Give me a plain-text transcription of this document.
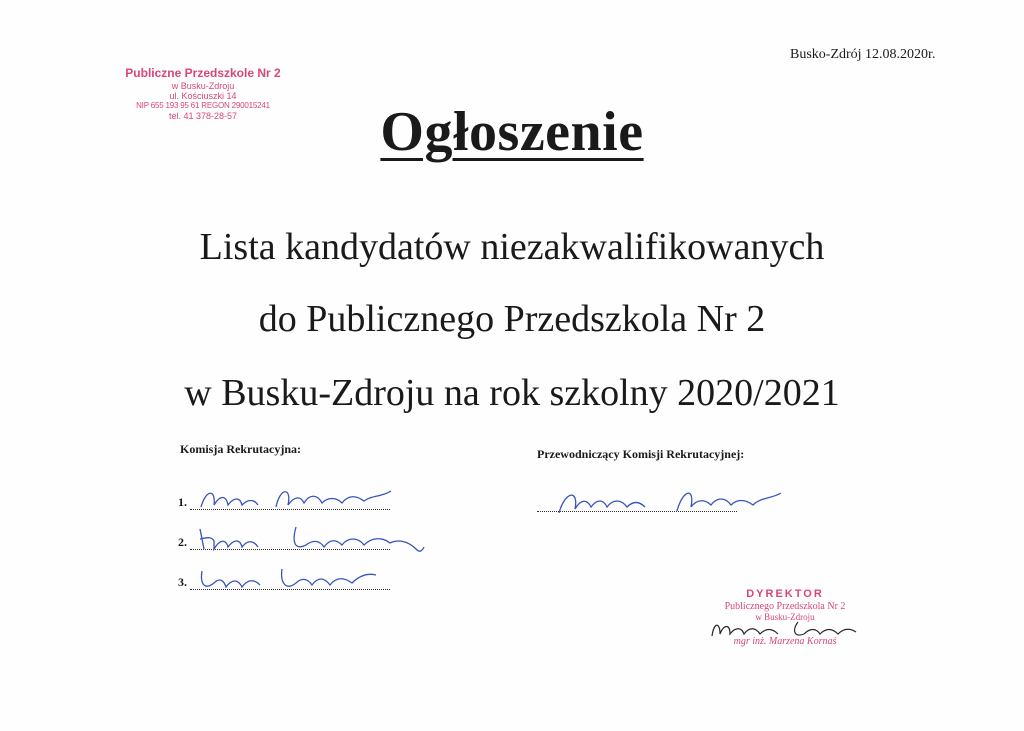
Publiczne Przedszkole Nr 2
w Busku-Zdroju
ul. Kościuszki 14
NIP 655 193 95 61 REGON 290015241
tel. 41 378-28-57
Busko-Zdrój 12.08.2020r.
Ogłoszenie
Lista kandydatów niezakwalifikowanych
do Publicznego Przedszkola Nr 2
w Busku-Zdroju na rok szkolny 2020/2021
Komisja Rekrutacyjna:	Przewodniczący Komisji Rekrutacyjnej:
1.
2.
3.
DYREKTOR
Publicznego Przedszkola Nr 2
w Busku-Zdroju
mgr inż. Marzena Kornaś
